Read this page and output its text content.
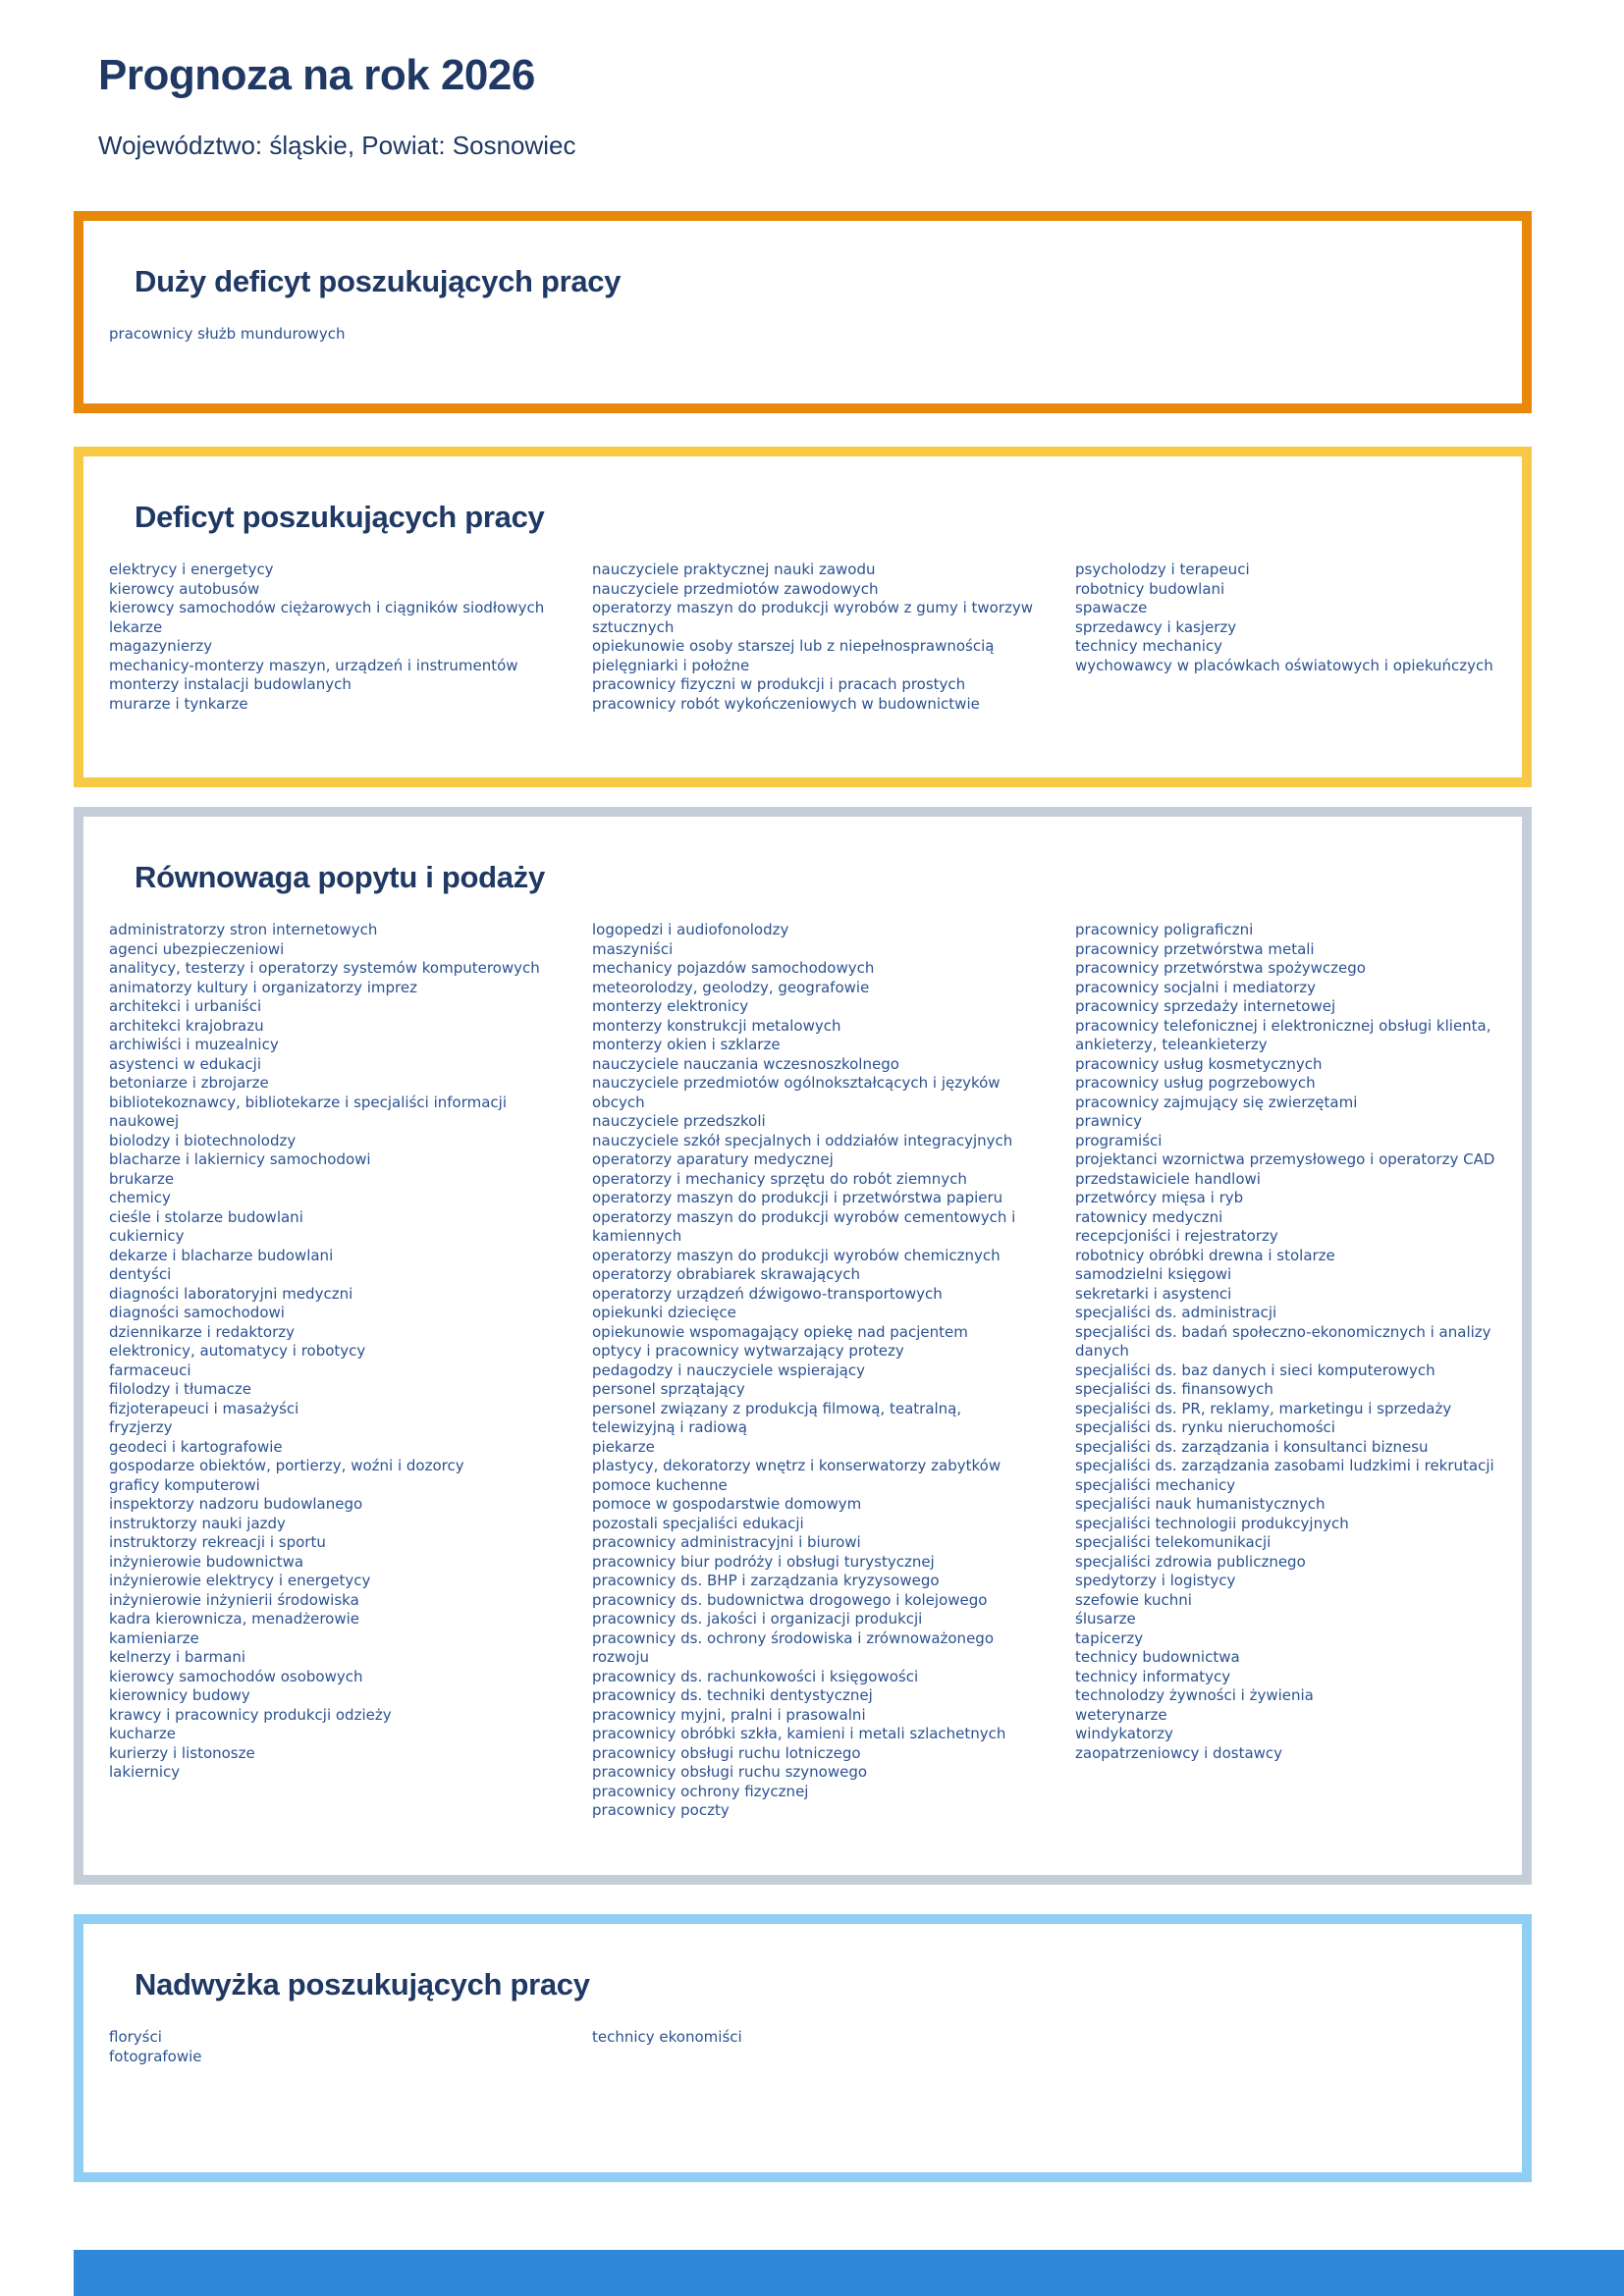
Prognoza na rok 2026
Województwo: śląskie, Powiat: Sosnowiec
Duży deficyt poszukujących pracy
pracownicy służb mundurowych
Deficyt poszukujących pracy
elektrycy i energetycy
kierowcy autobusów
kierowcy samochodów ciężarowych i ciągników siodłowych
lekarze
magazynierzy
mechanicy-monterzy maszyn, urządzeń i instrumentów
monterzy instalacji budowlanych
murarze i tynkarze
nauczyciele praktycznej nauki zawodu
nauczyciele przedmiotów zawodowych
operatorzy maszyn do produkcji wyrobów z gumy i tworzyw sztucznych
opiekunowie osoby starszej lub z niepełnosprawnością
pielęgniarki i położne
pracownicy fizyczni w produkcji i pracach prostych
pracownicy robót wykończeniowych w budownictwie
psycholodzy i terapeuci
robotnicy budowlani
spawacze
sprzedawcy i kasjerzy
technicy mechanicy
wychowawcy w placówkach oświatowych i opiekuńczych
Równowaga popytu i podaży
administratorzy stron internetowych
agenci ubezpieczeniowi
analitycy, testerzy i operatorzy systemów komputerowych
animatorzy kultury i organizatorzy imprez
architekci i urbaniści
architekci krajobrazu
archiwiści i muzealnicy
asystenci w edukacji
betoniarze i zbrojarze
bibliotekoznawcy, bibliotekarze i specjaliści informacji naukowej
biolodzy i biotechnolodzy
blacharze i lakiernicy samochodowi
brukarze
chemicy
cieśle i stolarze budowlani
cukiernicy
dekarze i blacharze budowlani
dentyści
diagności laboratoryjni medyczni
diagności samochodowi
dziennikarze i redaktorzy
elektronicy, automatycy i robotycy
farmaceuci
filolodzy i tłumacze
fizjoterapeuci i masażyści
fryzjerzy
geodeci i kartografowie
gospodarze obiektów, portierzy, woźni i dozorcy
graficy komputerowi
inspektorzy nadzoru budowlanego
instruktorzy nauki jazdy
instruktorzy rekreacji i sportu
inżynierowie budownictwa
inżynierowie elektrycy i energetycy
inżynierowie inżynierii środowiska
kadra kierownicza, menadżerowie
kamieniarze
kelnerzy i barmani
kierowcy samochodów osobowych
kierownicy budowy
krawcy i pracownicy produkcji odzieży
kucharze
kurierzy i listonosze
lakiernicy
logopedzi i audiofonolodzy
maszyniści
mechanicy pojazdów samochodowych
meteorolodzy, geolodzy, geografowie
monterzy elektronicy
monterzy konstrukcji metalowych
monterzy okien i szklarze
nauczyciele nauczania wczesnoszkolnego
nauczyciele przedmiotów ogólnokształcących i języków obcych
nauczyciele przedszkoli
nauczyciele szkół specjalnych i oddziałów integracyjnych
operatorzy aparatury medycznej
operatorzy i mechanicy sprzętu do robót ziemnych
operatorzy maszyn do produkcji i przetwórstwa papieru
operatorzy maszyn do produkcji wyrobów cementowych i kamiennych
operatorzy maszyn do produkcji wyrobów chemicznych
operatorzy obrabiarek skrawających
operatorzy urządzeń dźwigowo-transportowych
opiekunki dziecięce
opiekunowie wspomagający opiekę nad pacjentem
optycy i pracownicy wytwarzający protezy
pedagodzy i nauczyciele wspierający
personel sprzątający
personel związany z produkcją filmową, teatralną, telewizyjną i radiową
piekarze
plastycy, dekoratorzy wnętrz i konserwatorzy zabytków
pomoce kuchenne
pomoce w gospodarstwie domowym
pozostali specjaliści edukacji
pracownicy administracyjni i biurowi
pracownicy biur podróży i obsługi turystycznej
pracownicy ds. BHP i zarządzania kryzysowego
pracownicy ds. budownictwa drogowego i kolejowego
pracownicy ds. jakości i organizacji produkcji
pracownicy ds. ochrony środowiska i zrównoważonego rozwoju
pracownicy ds. rachunkowości i księgowości
pracownicy ds. techniki dentystycznej
pracownicy myjni, pralni i prasowalni
pracownicy obróbki szkła, kamieni i metali szlachetnych
pracownicy obsługi ruchu lotniczego
pracownicy obsługi ruchu szynowego
pracownicy ochrony fizycznej
pracownicy poczty
pracownicy poligraficzni
pracownicy przetwórstwa metali
pracownicy przetwórstwa spożywczego
pracownicy socjalni i mediatorzy
pracownicy sprzedaży internetowej
pracownicy telefonicznej i elektronicznej obsługi klienta, ankieterzy, teleankieterzy
pracownicy usług kosmetycznych
pracownicy usług pogrzebowych
pracownicy zajmujący się zwierzętami
prawnicy
programiści
projektanci wzornictwa przemysłowego i operatorzy CAD
przedstawiciele handlowi
przetwórcy mięsa i ryb
ratownicy medyczni
recepcjoniści i rejestratorzy
robotnicy obróbki drewna i stolarze
samodzielni księgowi
sekretarki i asystenci
specjaliści ds. administracji
specjaliści ds. badań społeczno-ekonomicznych i analizy danych
specjaliści ds. baz danych i sieci komputerowych
specjaliści ds. finansowych
specjaliści ds. PR, reklamy, marketingu i sprzedaży
specjaliści ds. rynku nieruchomości
specjaliści ds. zarządzania i konsultanci biznesu
specjaliści ds. zarządzania zasobami ludzkimi i rekrutacji
specjaliści mechanicy
specjaliści nauk humanistycznych
specjaliści technologii produkcyjnych
specjaliści telekomunikacji
specjaliści zdrowia publicznego
spedytorzy i logistycy
szefowie kuchni
ślusarze
tapicerzy
technicy budownictwa
technicy informatycy
technolodzy żywności i żywienia
weterynarze
windykatorzy
zaopatrzeniowcy i dostawcy
Nadwyżka poszukujących pracy
floryści
fotografowie
technicy ekonomiści
